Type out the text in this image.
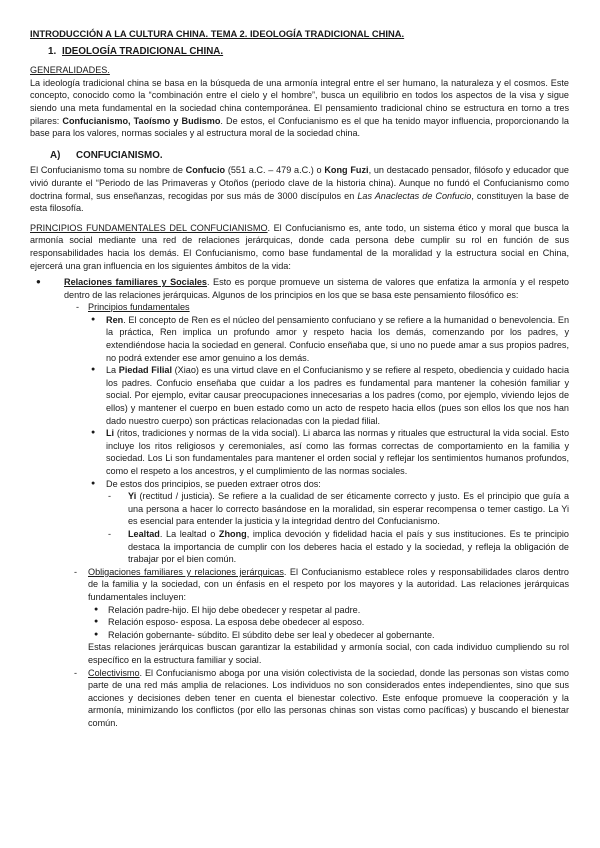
INTRODUCCIÓN A LA CULTURA CHINA. TEMA 2. IDEOLOGÍA TRADICIONAL CHINA.

1. IDEOLOGÍA TRADICIONAL CHINA.

GENERALIDADES.

La ideología tradicional china se basa en la búsqueda de una armonía integral entre el ser humano, la naturaleza y el cosmos. Este concepto, conocido como la “combinación entre el cielo y el hombre”, busca un equilibrio en todos los aspectos de la visa y sigue siendo una meta fundamental en la sociedad china contemporánea. El pensamiento tradicional chino se estructura en torno a tres pilares: Confucianismo, Taoísmo y Budismo. De estos, el Confucianismo es el que ha tenido mayor influencia, proporcionando la base para los valores, normas sociales y al estructura moral de la sociedad china.

A) CONFUCIANISMO.

El Confucianismo toma su nombre de Confucio (551 a.C. – 479 a.C.) o Kong Fuzi, un destacado pensador, filósofo y educador que vivió durante el “Periodo de las Primaveras y Otoños (periodo clave de la historia china). Aunque no fundó el Confucianismo como doctrina formal, sus enseñanzas, recogidas por sus más de 3000 discípulos en Las Anaclectas de Confucio, constituyen la base de esta filosofía.

PRINCIPIOS FUNDAMENTALES DEL CONFUCIANISMO. El Confucianismo es, ante todo, un sistema ético y moral que busca la armonía social mediante una red de relaciones jerárquicas, donde cada persona debe cumplir su rol en función de sus responsabilidades hacia los demás. El Confucianismo, como base fundamental de la moralidad y la estructura social en China, ejercerá una gran influencia en los siguientes ámbitos de la vida:

●	Relaciones familiares y Sociales. Esto es porque promueve un sistema de valores que enfatiza la armonía y el respeto dentro de las relaciones jerárquicas. Algunos de los principios en los que se basa este pensamiento filosófico es:
- Principios fundamentales
● Ren. El concepto de Ren es el núcleo del pensamiento confuciano y se refiere a la humanidad o benevolencia. En la práctica, Ren implica un profundo amor y respeto hacia los demás, comenzando por los padres, y extendiéndose hacia la sociedad en general. Confucio enseñaba que, si uno no puede amar a sus propios padres, no podrá extender ese amor genuino a los demás.
● La Piedad Filial (Xiao) es una virtud clave en el Confucianismo y se refiere al respeto, obediencia y cuidado hacia los padres. Confucio enseñaba que cuidar a los padres es fundamental para mantener la cohesión familiar y social. Por ejemplo, evitar causar preocupaciones innecesarias a los padres (como, por ejemplo, viviendo lejos de ellos) y mantener el cuerpo en buen estado como un acto de respeto hacia ellos (pues son ellos los que nos han dado nuestro cuerpo) son prácticas relacionadas con la piedad filial.
● Li (ritos, tradiciones y normas de la vida social). Li abarca las normas y rituales que estructural la vida social. Esto incluye los ritos religiosos y ceremoniales, así como las formas correctas de comportamiento en la familia y sociedad. Los Li son fundamentales para mantener el orden social y reflejar los sentimientos humanos profundos, como el respeto a los ancestros, y el cumplimiento de las normas sociales.
● De estos dos principios, se pueden extraer otros dos:
- Yi (rectitud / justicia). Se refiere a la cualidad de ser éticamente correcto y justo. Es el principio que guía a una persona a hacer lo correcto basándose en la moralidad, sin esperar recompensa o temer castigo. La Yi es esencial para entender la justicia y la integridad dentro del Confucianismo.
- Lealtad. La lealtad o Zhong, implica devoción y fidelidad hacia el país y sus instituciones. Es te principio destaca la importancia de cumplir con los deberes hacia el estado y la sociedad, y refleja la obligación de trabajar por el bien común.
- Obligaciones familiares y relaciones jerárquicas. El Confucianismo establece roles y responsabilidades claros dentro de la familia y la sociedad, con un énfasis en el respeto por los mayores y la autoridad. Las relaciones jerárquicas fundamentales incluyen:
● Relación padre-hijo. El hijo debe obedecer y respetar al padre.
● Relación esposo- esposa. La esposa debe obedecer al esposo.
● Relación gobernante- súbdito. El súbdito debe ser leal y obedecer al gobernante.

Estas relaciones jerárquicas buscan garantizar la estabilidad y armonía social, con cada individuo cumpliendo su rol específico en la estructura familiar y social.

- Colectivismo. El Confucianismo aboga por una visión colectivista de la sociedad, donde las personas son vistas como parte de una red más amplia de relaciones. Los individuos no son considerados entes independientes, sino que sus acciones y decisiones deben tener en cuenta el bienestar colectivo. Este enfoque promueve la cooperación y la armonía, minimizando los conflictos (por ello las personas chinas son vistas como pacíficas) y buscando el bienestar común.
